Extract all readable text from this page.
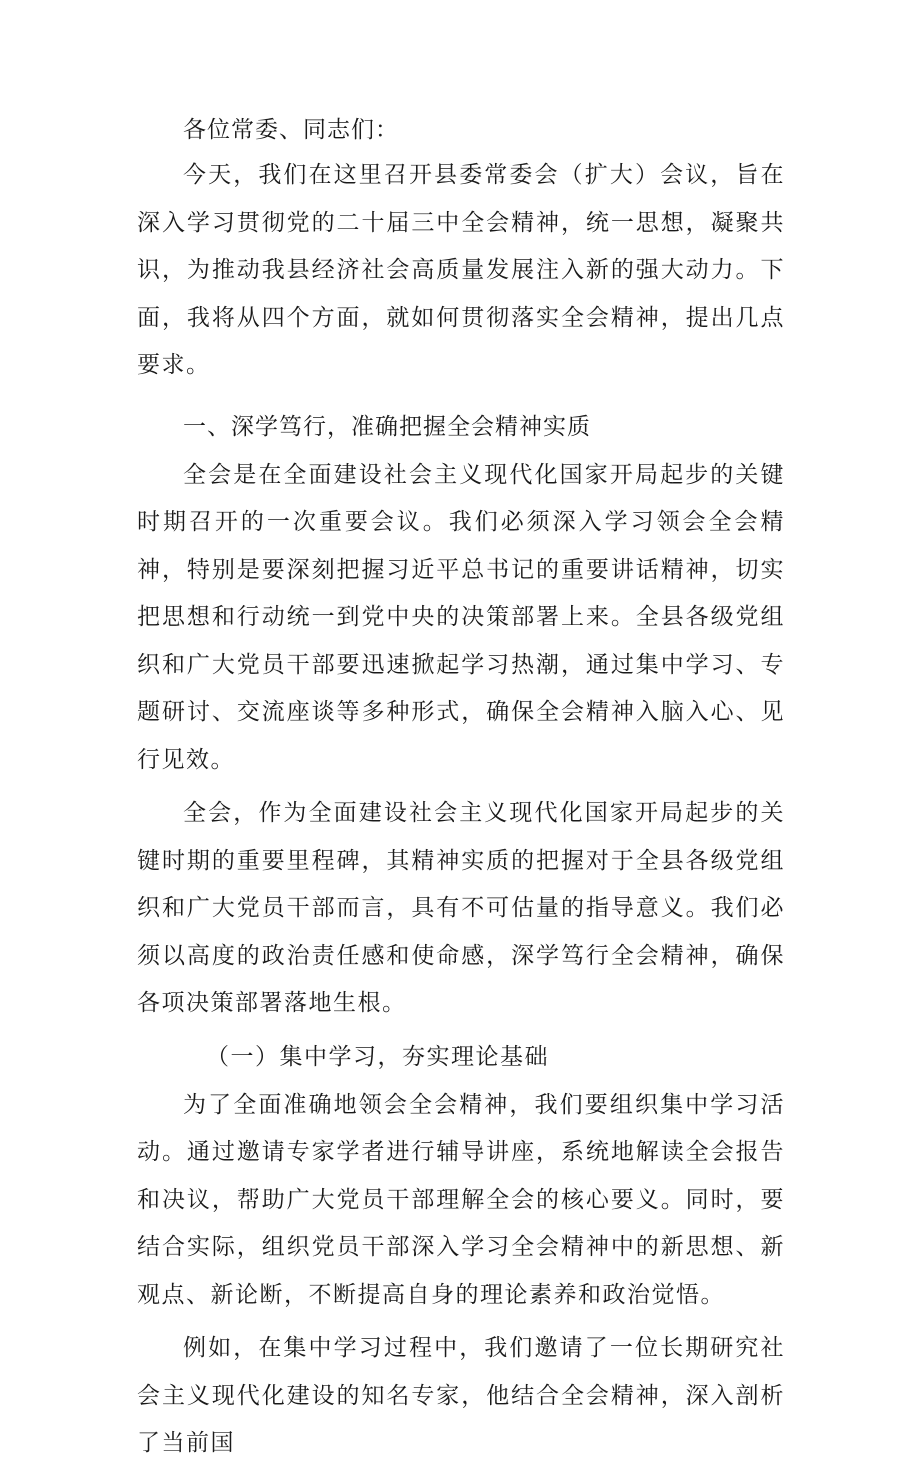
各位常委、同志们：

今天，我们在这里召开县委常委会（扩大）会议，旨在深入学习贯彻党的二十届三中全会精神，统一思想，凝聚共识，为推动我县经济社会高质量发展注入新的强大动力。下面，我将从四个方面，就如何贯彻落实全会精神，提出几点要求。

一、深学笃行，准确把握全会精神实质

全会是在全面建设社会主义现代化国家开局起步的关键时期召开的一次重要会议。我们必须深入学习领会全会精神，特别是要深刻把握习近平总书记的重要讲话精神，切实把思想和行动统一到党中央的决策部署上来。全县各级党组织和广大党员干部要迅速掀起学习热潮，通过集中学习、专题研讨、交流座谈等多种形式，确保全会精神入脑入心、见行见效。

全会，作为全面建设社会主义现代化国家开局起步的关键时期的重要里程碑，其精神实质的把握对于全县各级党组织和广大党员干部而言，具有不可估量的指导意义。我们必须以高度的政治责任感和使命感，深学笃行全会精神，确保各项决策部署落地生根。

（一）集中学习，夯实理论基础

为了全面准确地领会全会精神，我们要组织集中学习活动。通过邀请专家学者进行辅导讲座，系统地解读全会报告和决议，帮助广大党员干部理解全会的核心要义。同时，要结合实际，组织党员干部深入学习全会精神中的新思想、新观点、新论断，不断提高自身的理论素养和政治觉悟。

例如，在集中学习过程中，我们邀请了一位长期研究社会主义现代化建设的知名专家，他结合全会精神，深入剖析了当前国
